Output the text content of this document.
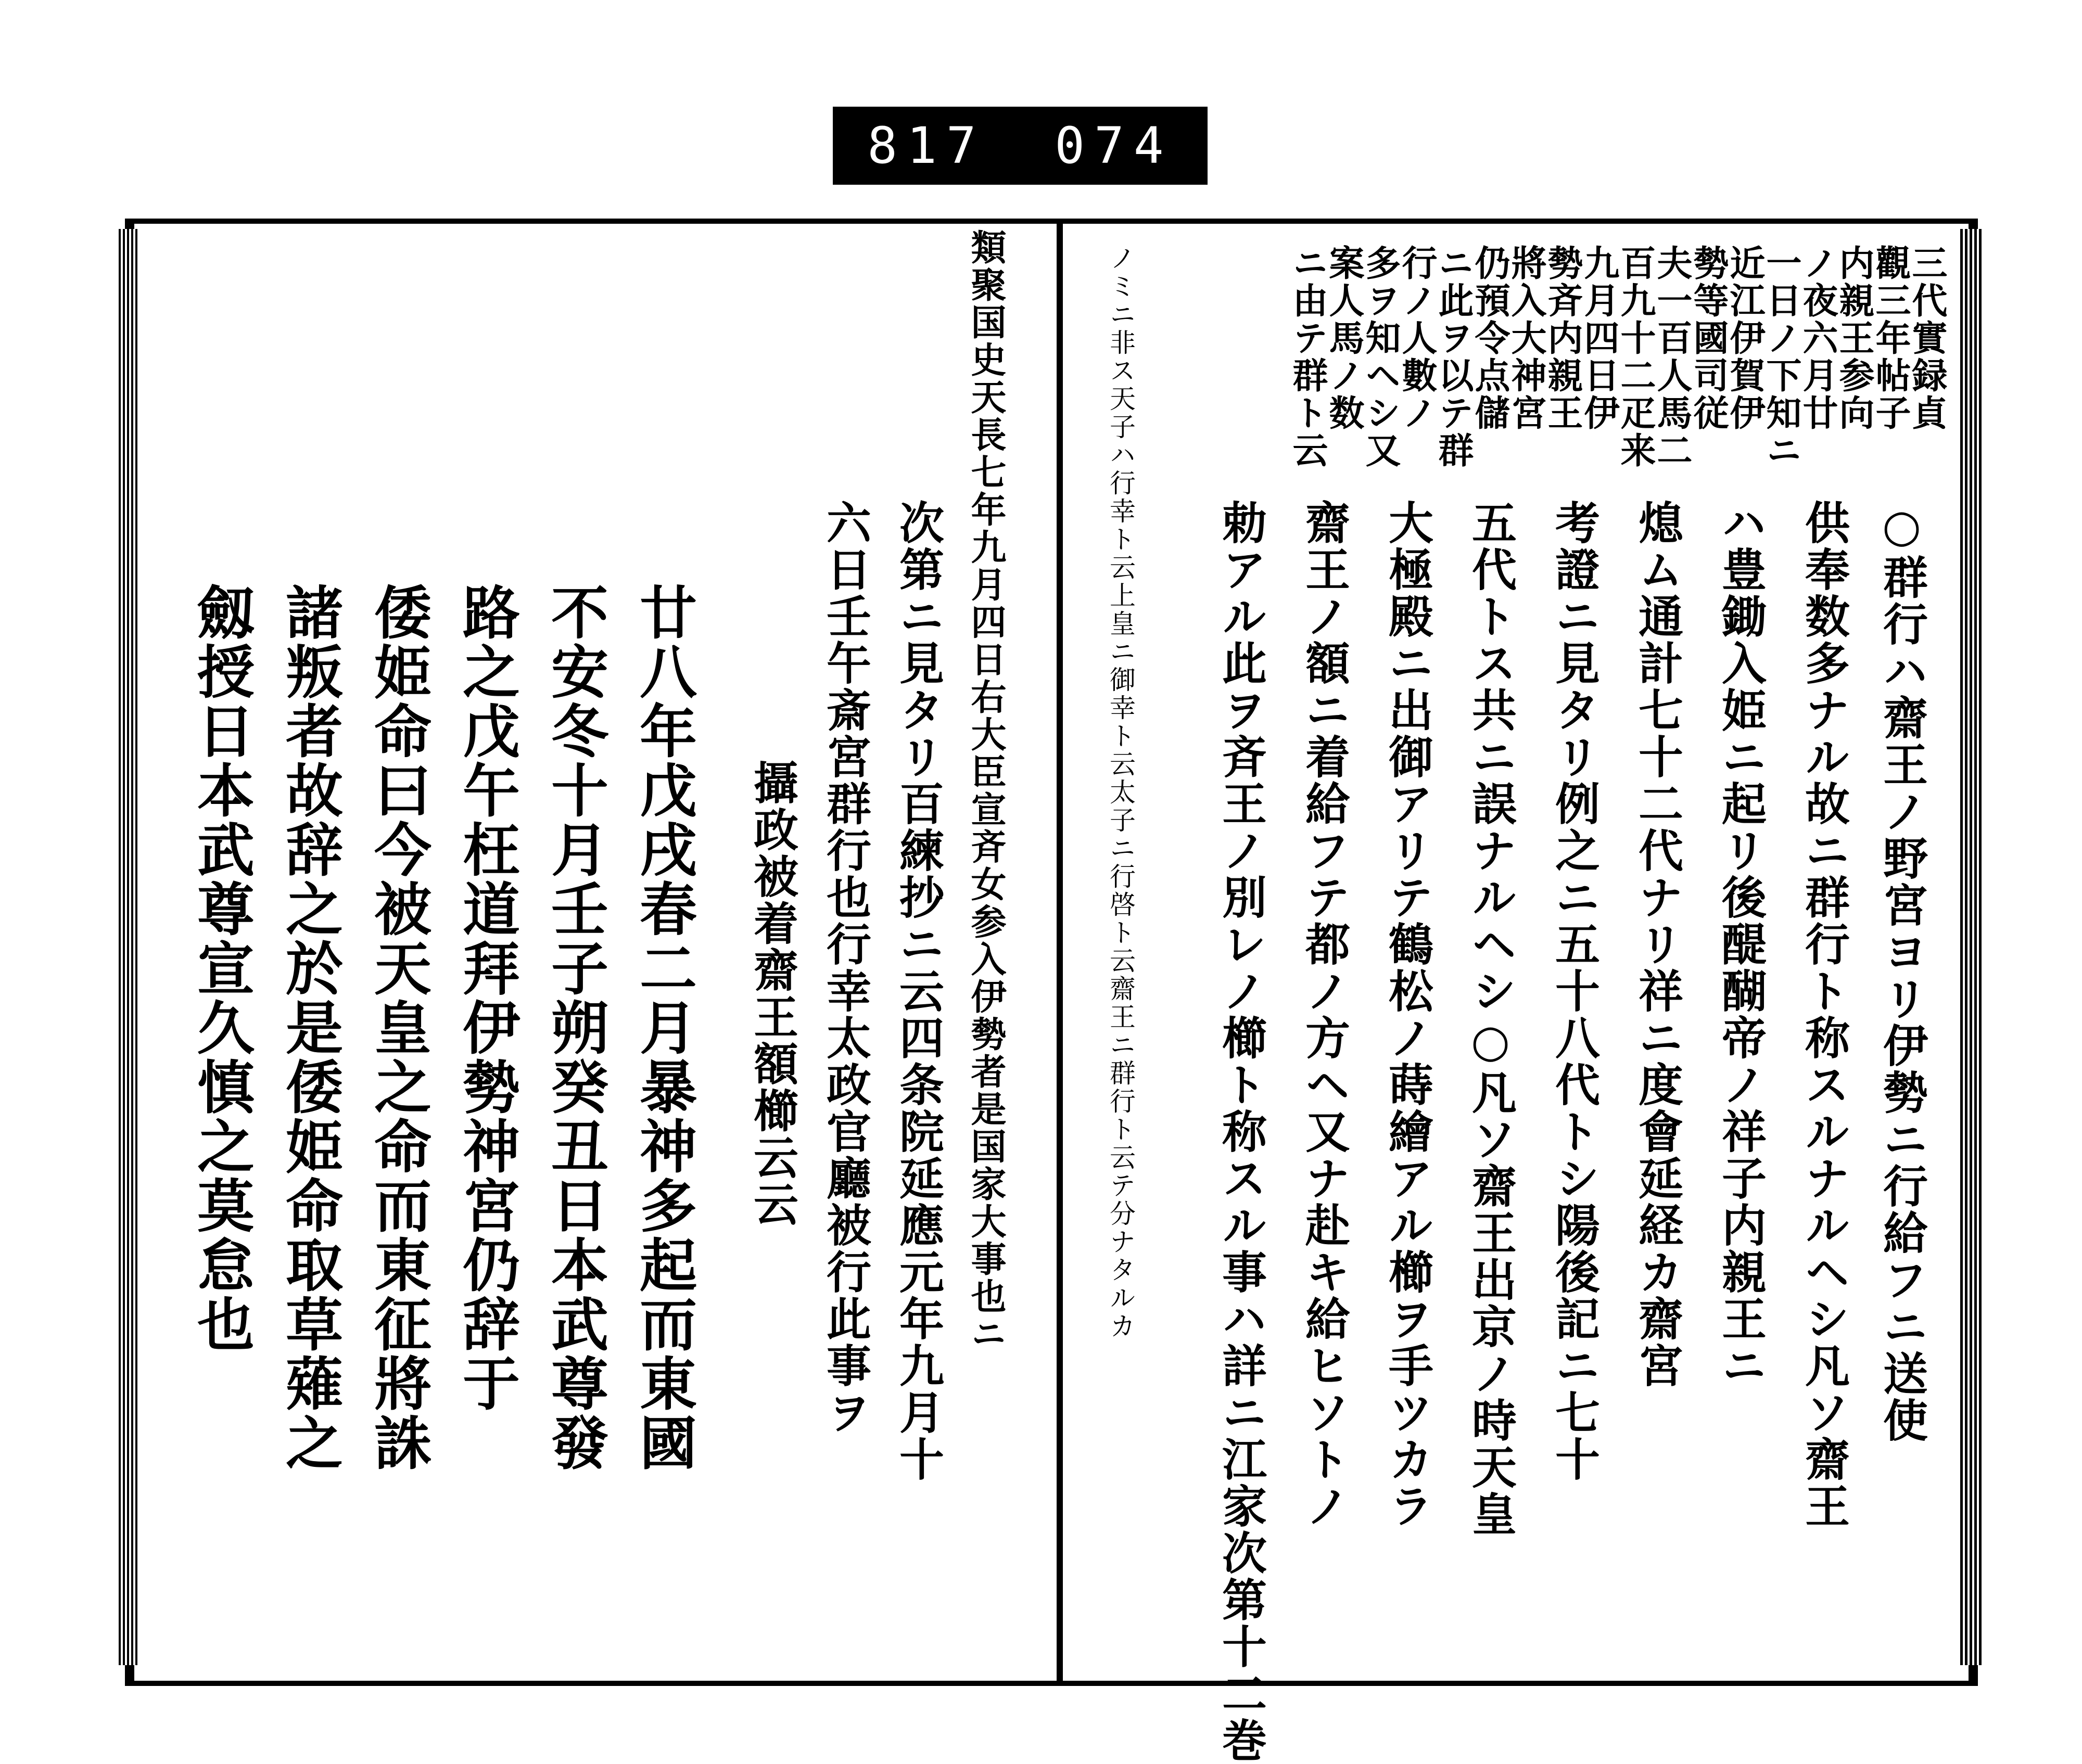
817 074
三代實録貞
觀三年帖子
内親王参向
ノ夜六月廿
一日ノ下知ニ
近江伊賀伊
勢等國司従
夫一百人馬二
百九十二疋来
九月四日伊
勢斉内親王
將入大神宮
仍預令点儲
ニ此ヲ以テ群
行ノ人數ノ
多ヲ知ヘシ又
案人馬ノ数
ニ由テ群ト云
ノミニ非ス天子ハ行幸ト云上皇ニ御幸ト云太子ニ行啓ト云齋王ニ群行ト云テ分ナタルカ	○群行ハ齋王ノ野宮ヨリ伊勢ニ行給フニ送使
供奉数多ナル故ニ群行ト称スルナルヘシ凡ソ齋王
ハ豊鋤入姫ニ起リ後醍醐帝ノ祥子内親王ニ
熄ム通計七十二代ナリ祥ニ度會延経カ齋宮
考證ニ見タリ例之ニ五十八代トシ陽後記ニ七十
五代トス共ニ誤ナルヘシ○凡ソ齋王出京ノ時天皇
大極殿ニ出御アリテ鶴松ノ蒔繪アル櫛ヲ手ツカラ
齋王ノ額ニ着給フテ都ノ方ヘ又ナ赴キ給ヒソトノ
勅アル此ヲ斉王ノ別レノ櫛ト称スル事ハ詳ニ江家次第十二巻
類聚国史天長七年九月四日右大臣宣斉女参入伊勢者是国家大事也ニ
次第ニ見タリ百練抄ニ云四条院延應元年九月十
六日壬午斎宮群行也行幸太政官廳被行此事ヲ
攝政被着齋王額櫛云云
廿八年戊戌春二月暴神多起而東國
不安冬十月壬子朔癸丑日本武尊發
路之戊午枉道拜伊勢神宮仍辞于
倭姫命曰今被天皇之命而東征將誅
諸叛者故辞之於是倭姫命取草薙之
劔授日本武尊宣久慎之莫怠也
